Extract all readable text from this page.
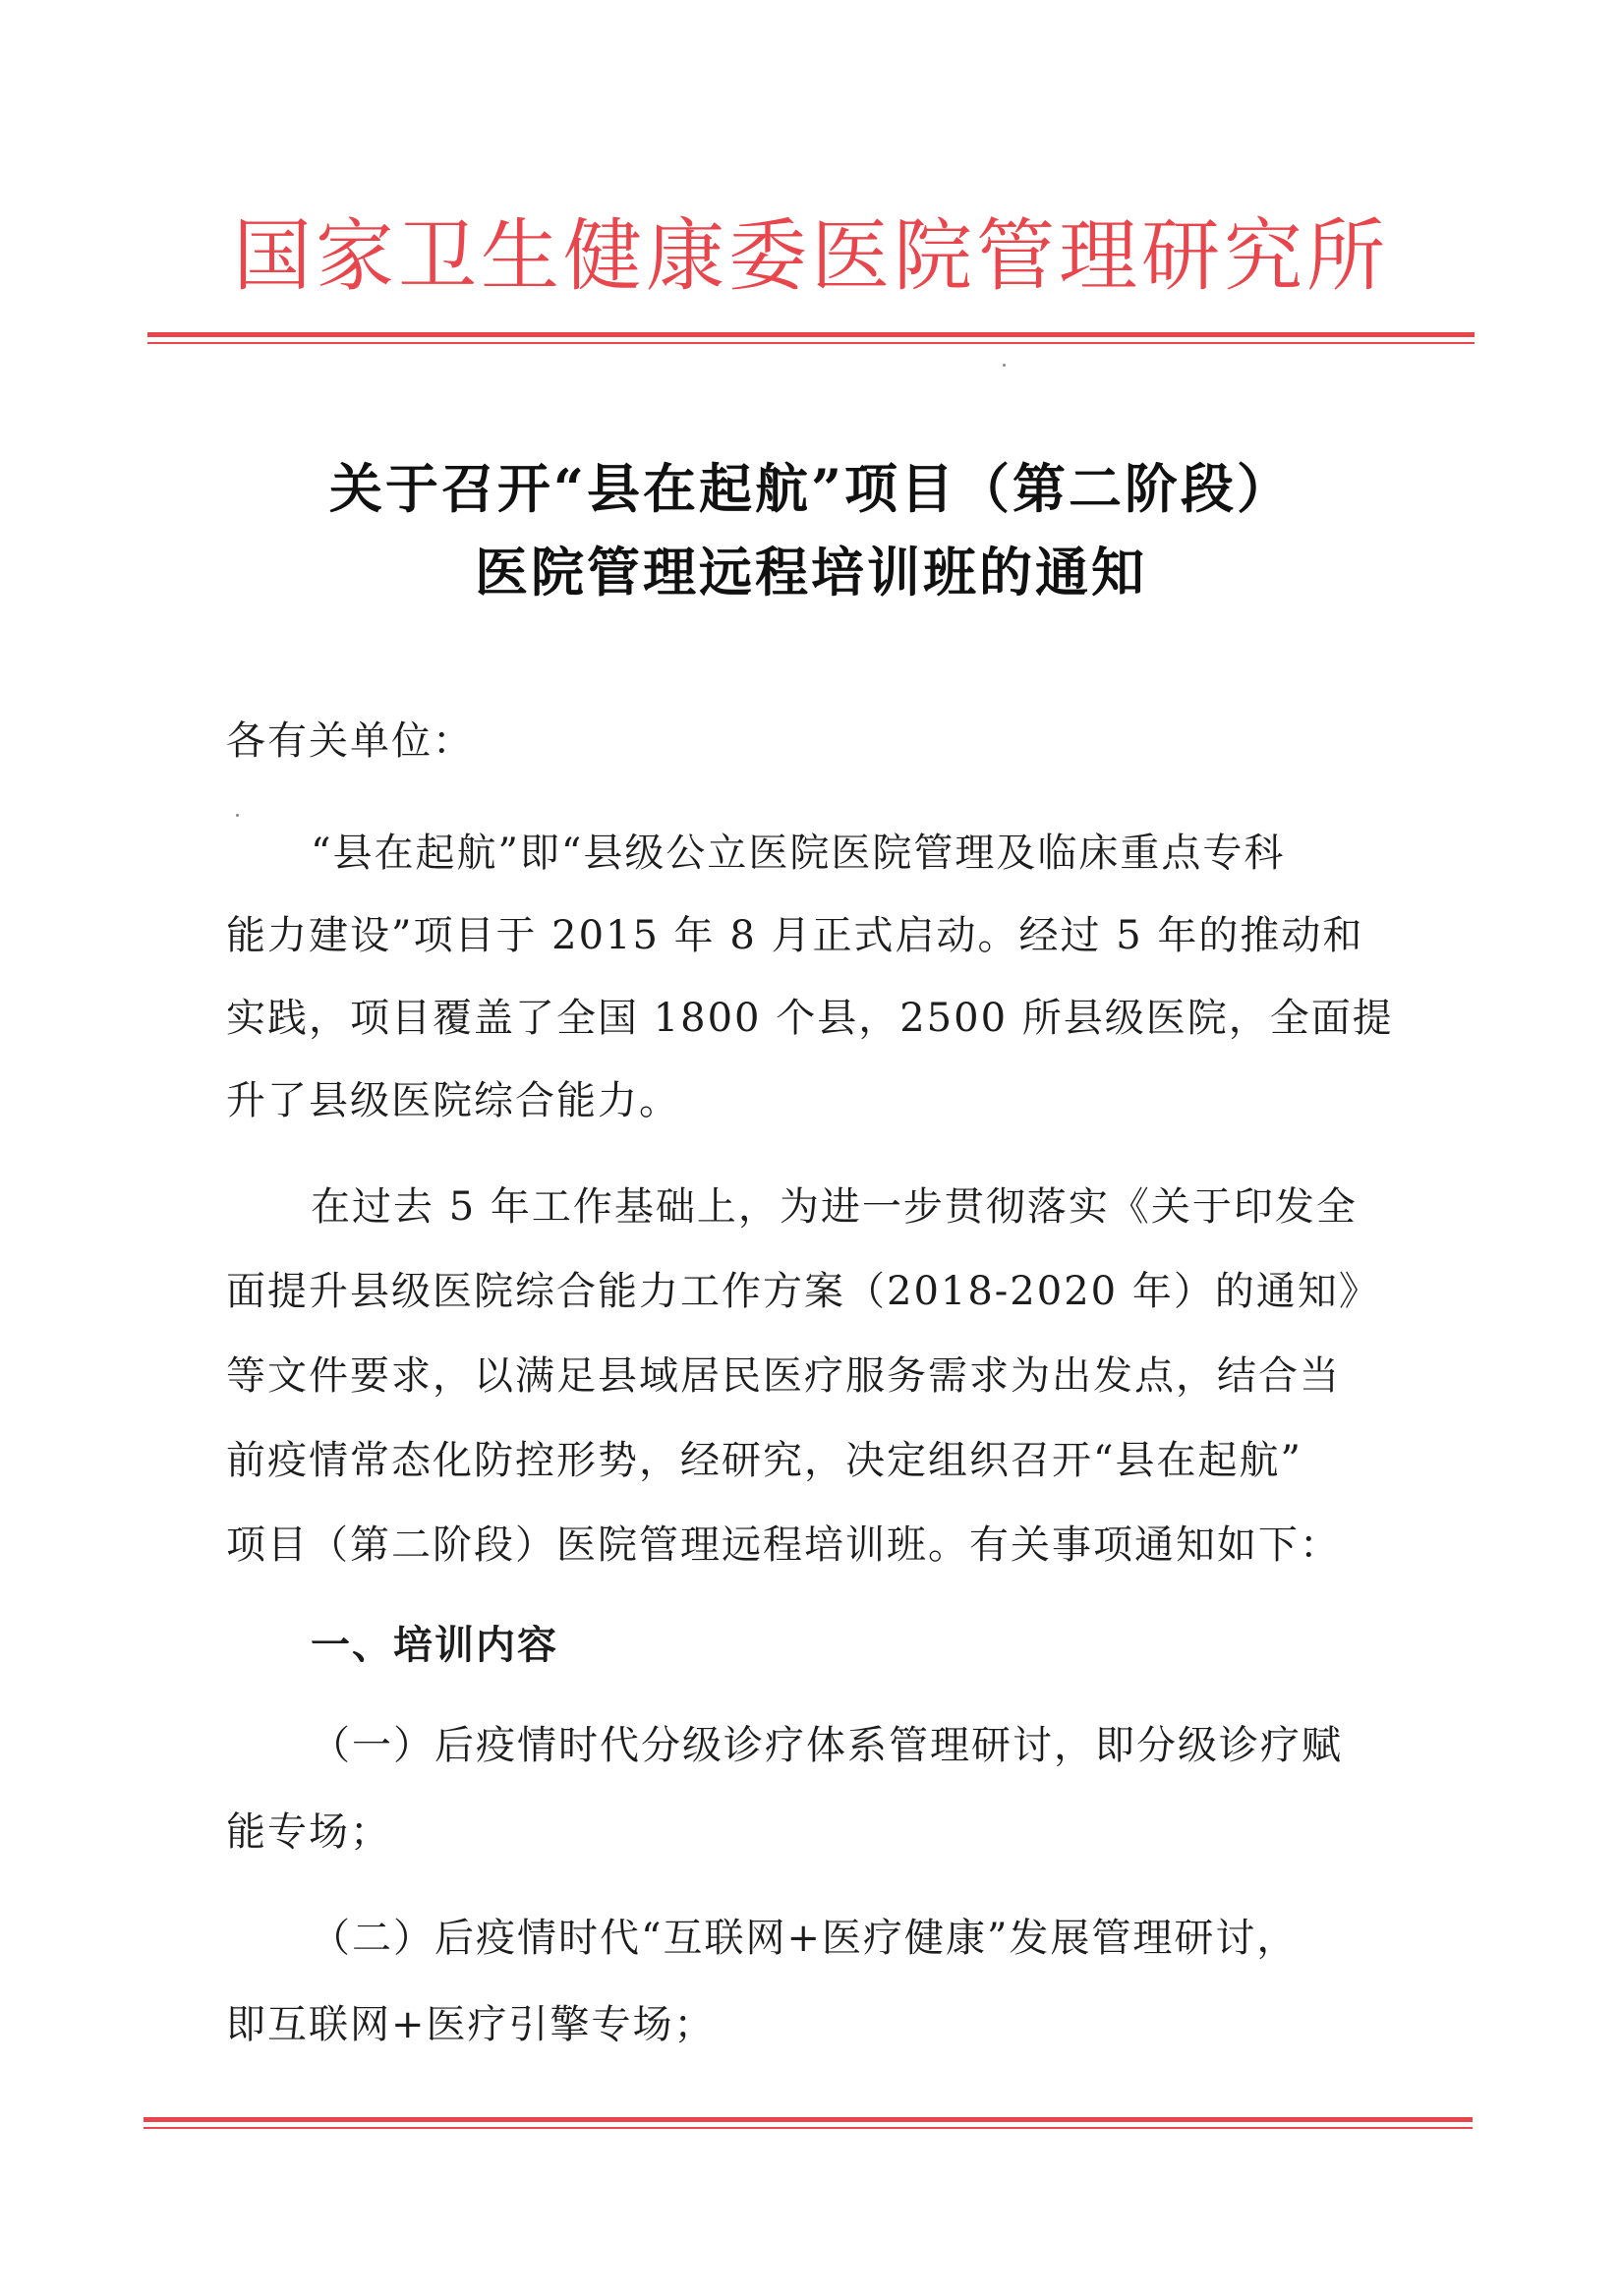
国家卫生健康委医院管理研究所
关于召开“县在起航”项目（第二阶段）
医院管理远程培训班的通知
各有关单位：
“县在起航”即“县级公立医院医院管理及临床重点专科
能力建设”项目于 2015 年 8 月正式启动。经过 5 年的推动和
实践，项目覆盖了全国 1800 个县，2500 所县级医院，全面提
升了县级医院综合能力。
在过去 5 年工作基础上，为进一步贯彻落实《关于印发全
面提升县级医院综合能力工作方案（2018-2020 年）的通知》
等文件要求，以满足县域居民医疗服务需求为出发点，结合当
前疫情常态化防控形势，经研究，决定组织召开“县在起航”
项目（第二阶段）医院管理远程培训班。有关事项通知如下：
一、培训内容
（一）后疫情时代分级诊疗体系管理研讨，即分级诊疗赋
能专场；
（二）后疫情时代“互联网+医疗健康”发展管理研讨，
即互联网+医疗引擎专场；
